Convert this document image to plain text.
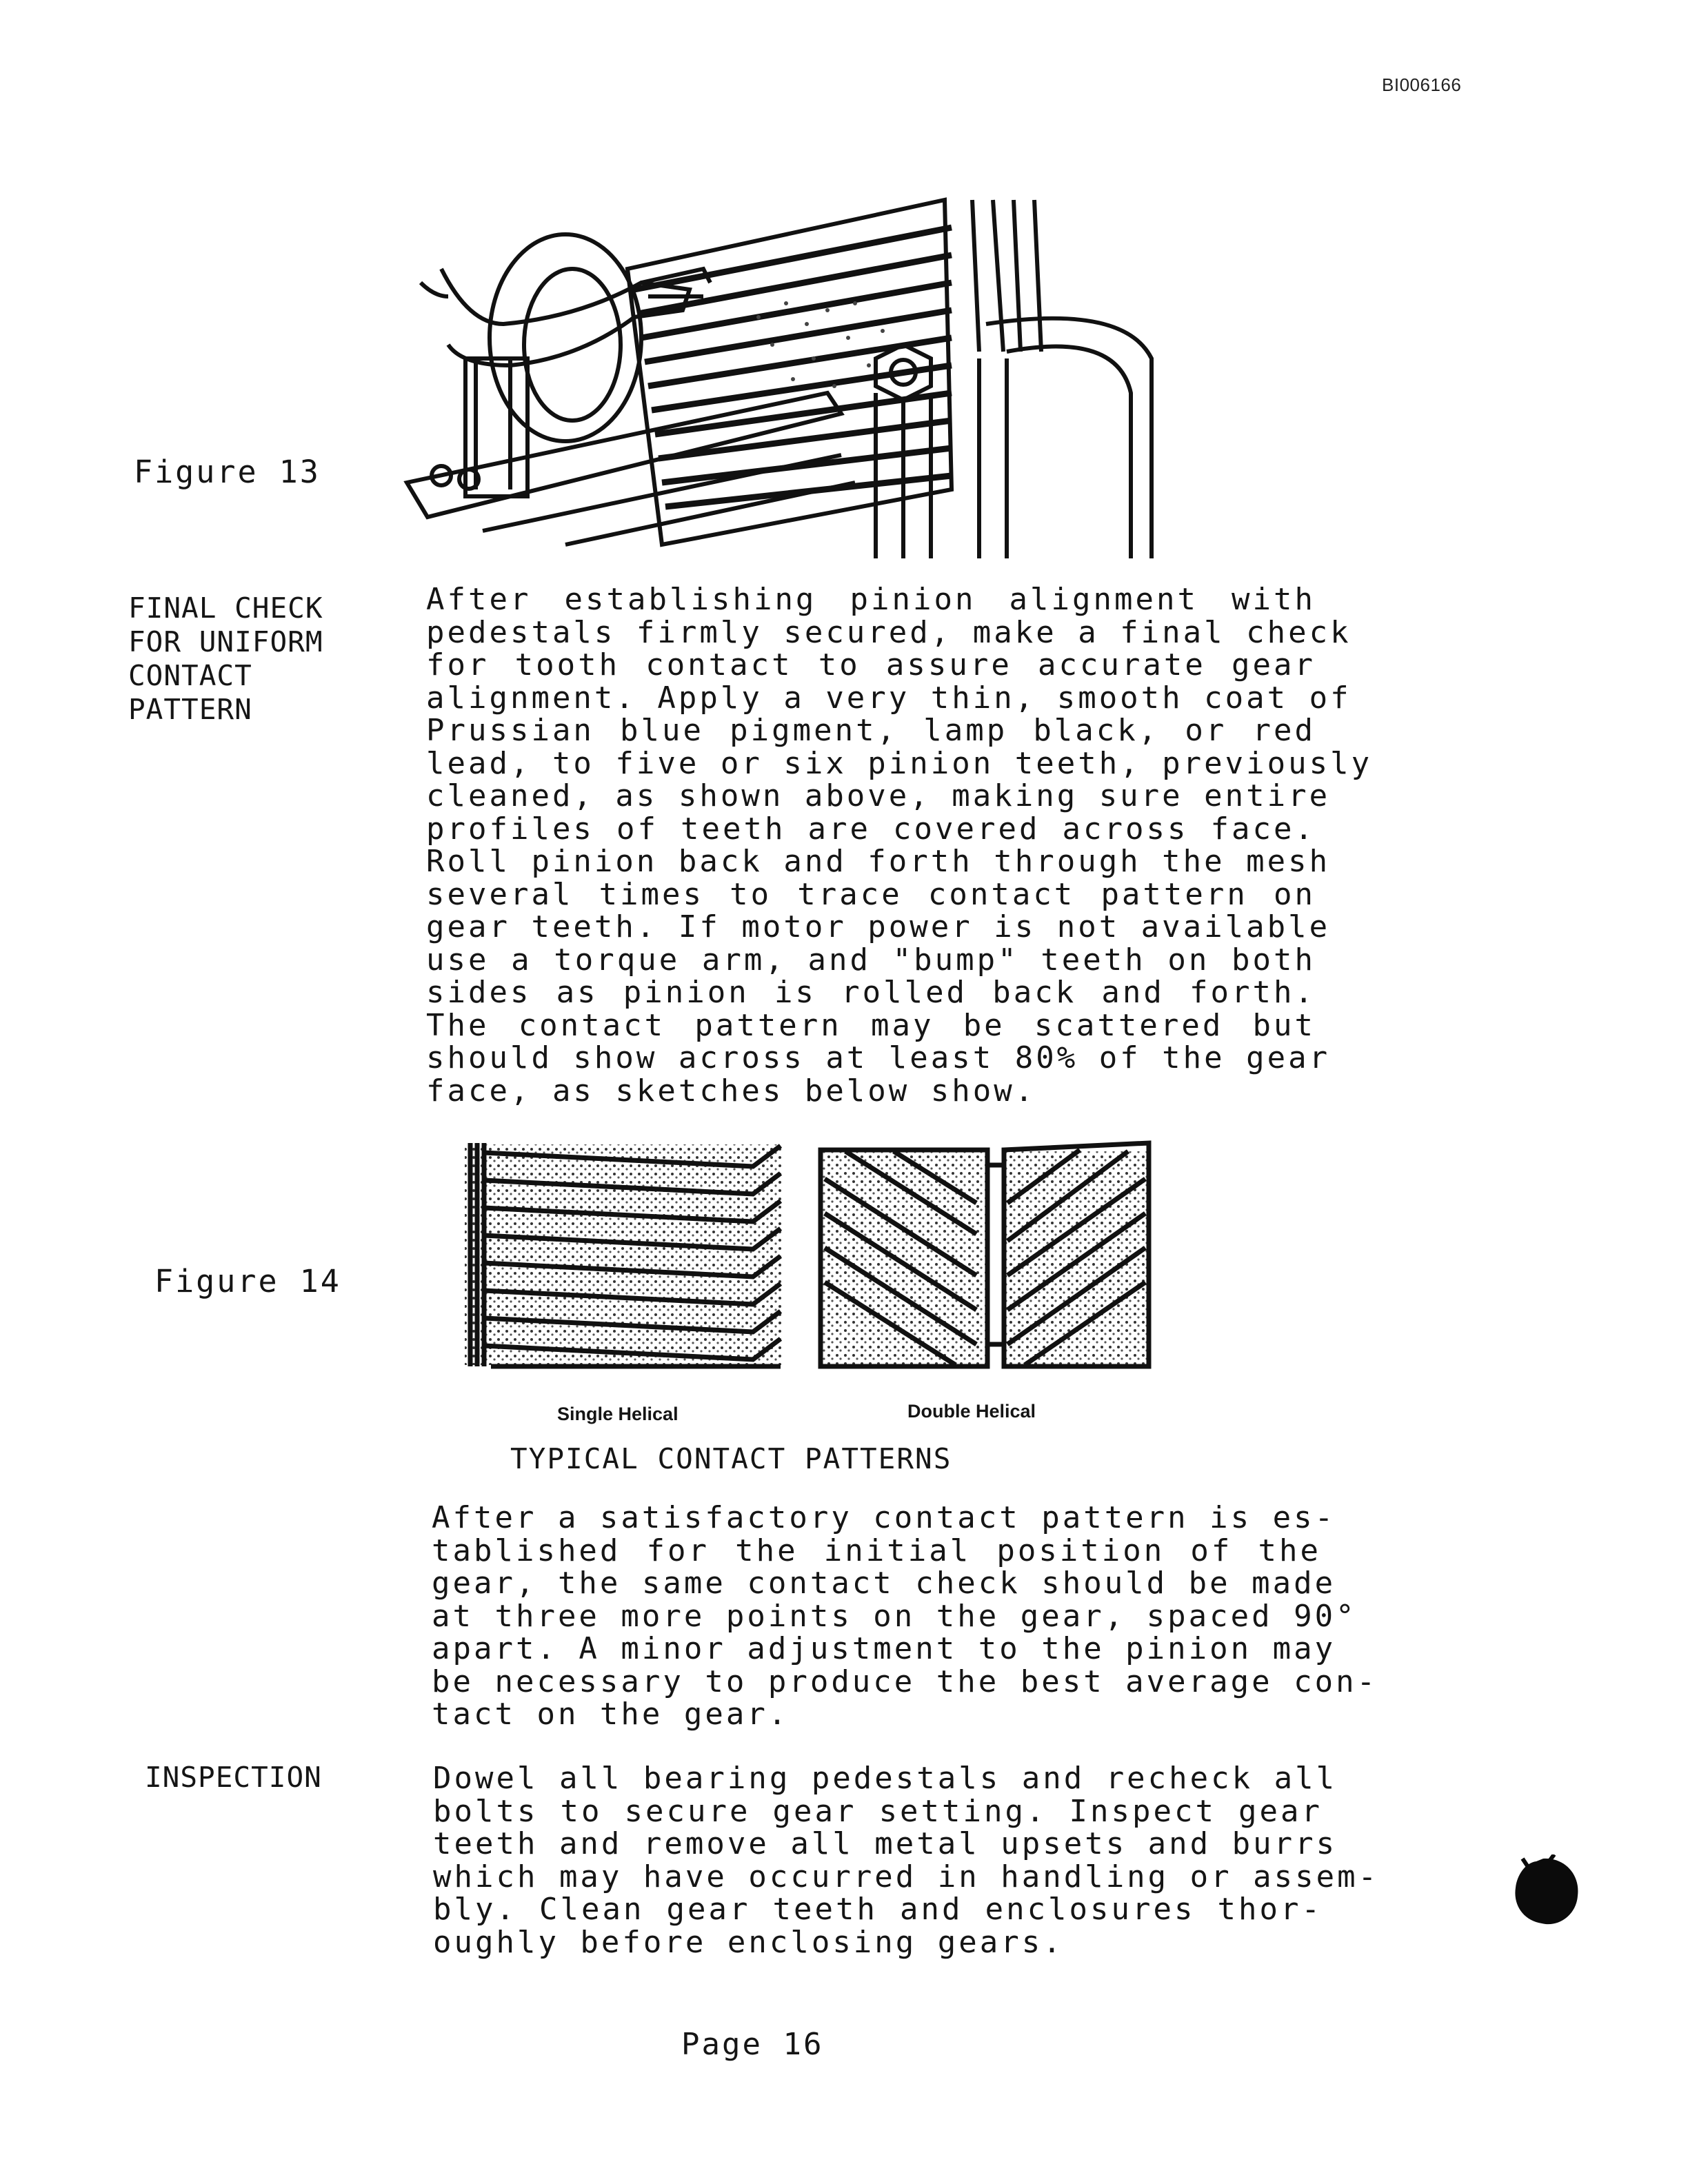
BI006166
Figure 13
FINAL CHECK
FOR UNIFORM
CONTACT
PATTERN
After establishing pinion alignment with
pedestals firmly secured, make a final check
for tooth contact to assure accurate gear
alignment. Apply a very thin, smooth coat of
Prussian blue pigment, lamp black, or red
lead, to five or six pinion teeth, previously
cleaned, as shown above, making sure entire
profiles of teeth are covered across face.
Roll pinion back and forth through the mesh
several times to trace contact pattern on
gear teeth. If motor power is not available
use a torque arm, and "bump" teeth on both
sides as pinion is rolled back and forth.
The contact pattern may be scattered but
should show across at least 80% of the gear
face, as sketches below show.
Figure 14
Single Helical	Double Helical
TYPICAL CONTACT PATTERNS
After a satisfactory contact pattern is es-
tablished for the initial position of the
gear, the same contact check should be made
at three more points on the gear, spaced 90°
apart. A minor adjustment to the pinion may
be necessary to produce the best average con-
tact on the gear.
INSPECTION	Dowel all bearing pedestals and recheck all
bolts to secure gear setting. Inspect gear
teeth and remove all metal upsets and burrs
which may have occurred in handling or assem-
bly. Clean gear teeth and enclosures thor-
oughly before enclosing gears.
Page 16
